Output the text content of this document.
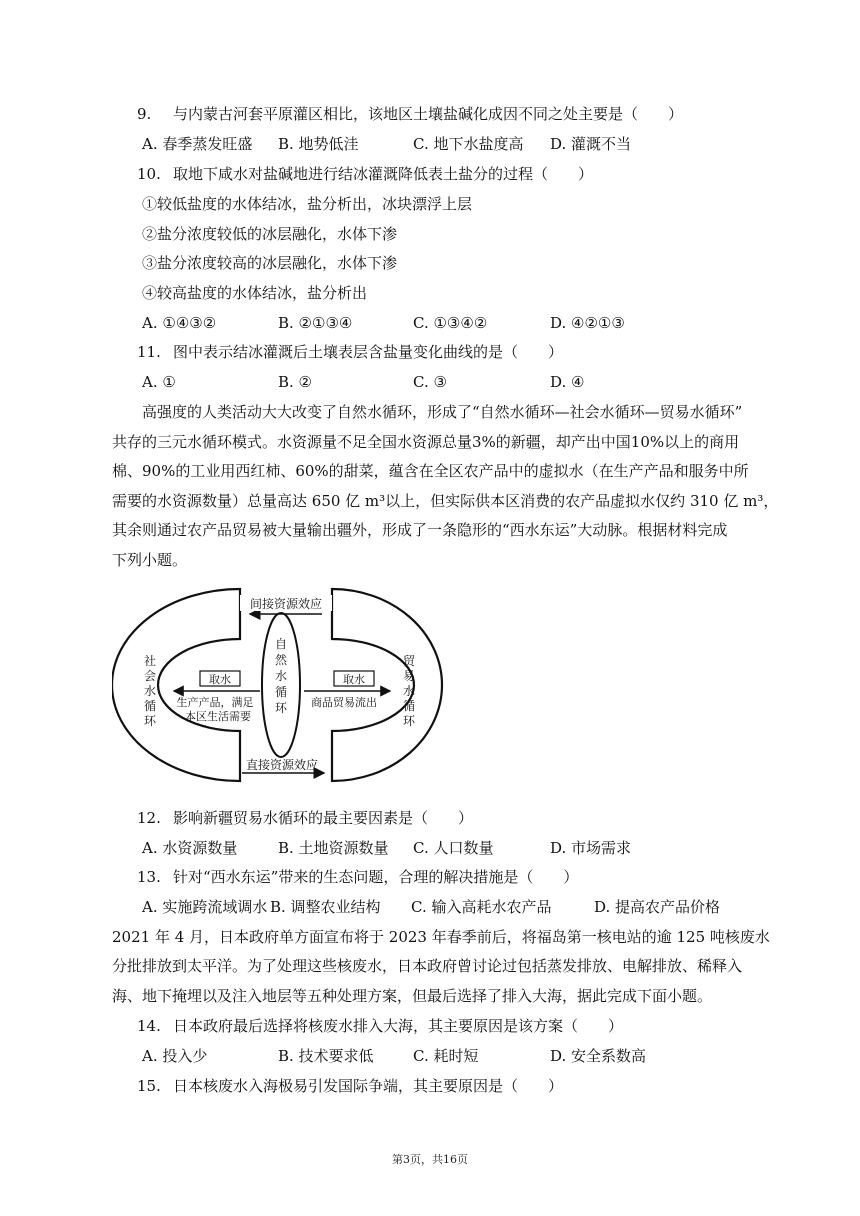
9. 与内蒙古河套平原灌区相比，该地区土壤盐碱化成因不同之处主要是（　　）
A. 春季蒸发旺盛 B. 地势低洼	C. 地下水盐度高 D. 灌溉不当
10. 取地下咸水对盐碱地进行结冰灌溉降低表土盐分的过程（　　）
①较低盐度的水体结冰，盐分析出，冰块漂浮上层
②盐分浓度较低的冰层融化，水体下渗
③盐分浓度较高的冰层融化，水体下渗
④较高盐度的水体结冰，盐分析出
A. ①④③②	B. ②①③④	C. ①③④②	D. ④②①③
11. 图中表示结冰灌溉后土壤表层含盐量变化曲线的是（　　）
A. ①	B. ②	C. ③	D. ④
高强度的人类活动大大改变了自然水循环，形成了“自然水循环—社会水循环—贸易水循环”
共存的三元水循环模式。水资源量不足全国水资源总量3%的新疆，却产出中国10%以上的商用
棉、90%的工业用西红柿、60%的甜菜，蕴含在全区农产品中的虚拟水（在生产产品和服务中所
需要的水资源数量）总量高达 650 亿 m³以上，但实际供本区消费的农产品虚拟水仅约 310 亿 m³，
其余则通过农产品贸易被大量输出疆外，形成了一条隐形的“西水东运”大动脉。根据材料完成
下列小题。
间接资源效应
直接资源效应
社
会
水
循
环
贸
易
水
循
环
自
然
水
循
环
取水
生产产品，满足
本区生活需要
取水
商品贸易流出
12. 影响新疆贸易水循环的最主要因素是（　　）
A. 水资源数量	B. 土地资源数量 C. 人口数量	D. 市场需求
13. 针对“西水东运”带来的生态问题，合理的解决措施是（　　）
A. 实施跨流域调水 B. 调整农业结构 C. 输入高耗水农产品	D. 提高农产品价格
2021 年 4 月，日本政府单方面宣布将于 2023 年春季前后，将福岛第一核电站的逾 125 吨核废水
分批排放到太平洋。为了处理这些核废水，日本政府曾讨论过包括蒸发排放、电解排放、稀释入
海、地下掩埋以及注入地层等五种处理方案，但最后选择了排入大海，据此完成下面小题。
14. 日本政府最后选择将核废水排入大海，其主要原因是该方案（　　）
A. 投入少	B. 技术要求低	C. 耗时短	D. 安全系数高
15. 日本核废水入海极易引发国际争端，其主要原因是（　　）
第3页，共16页
